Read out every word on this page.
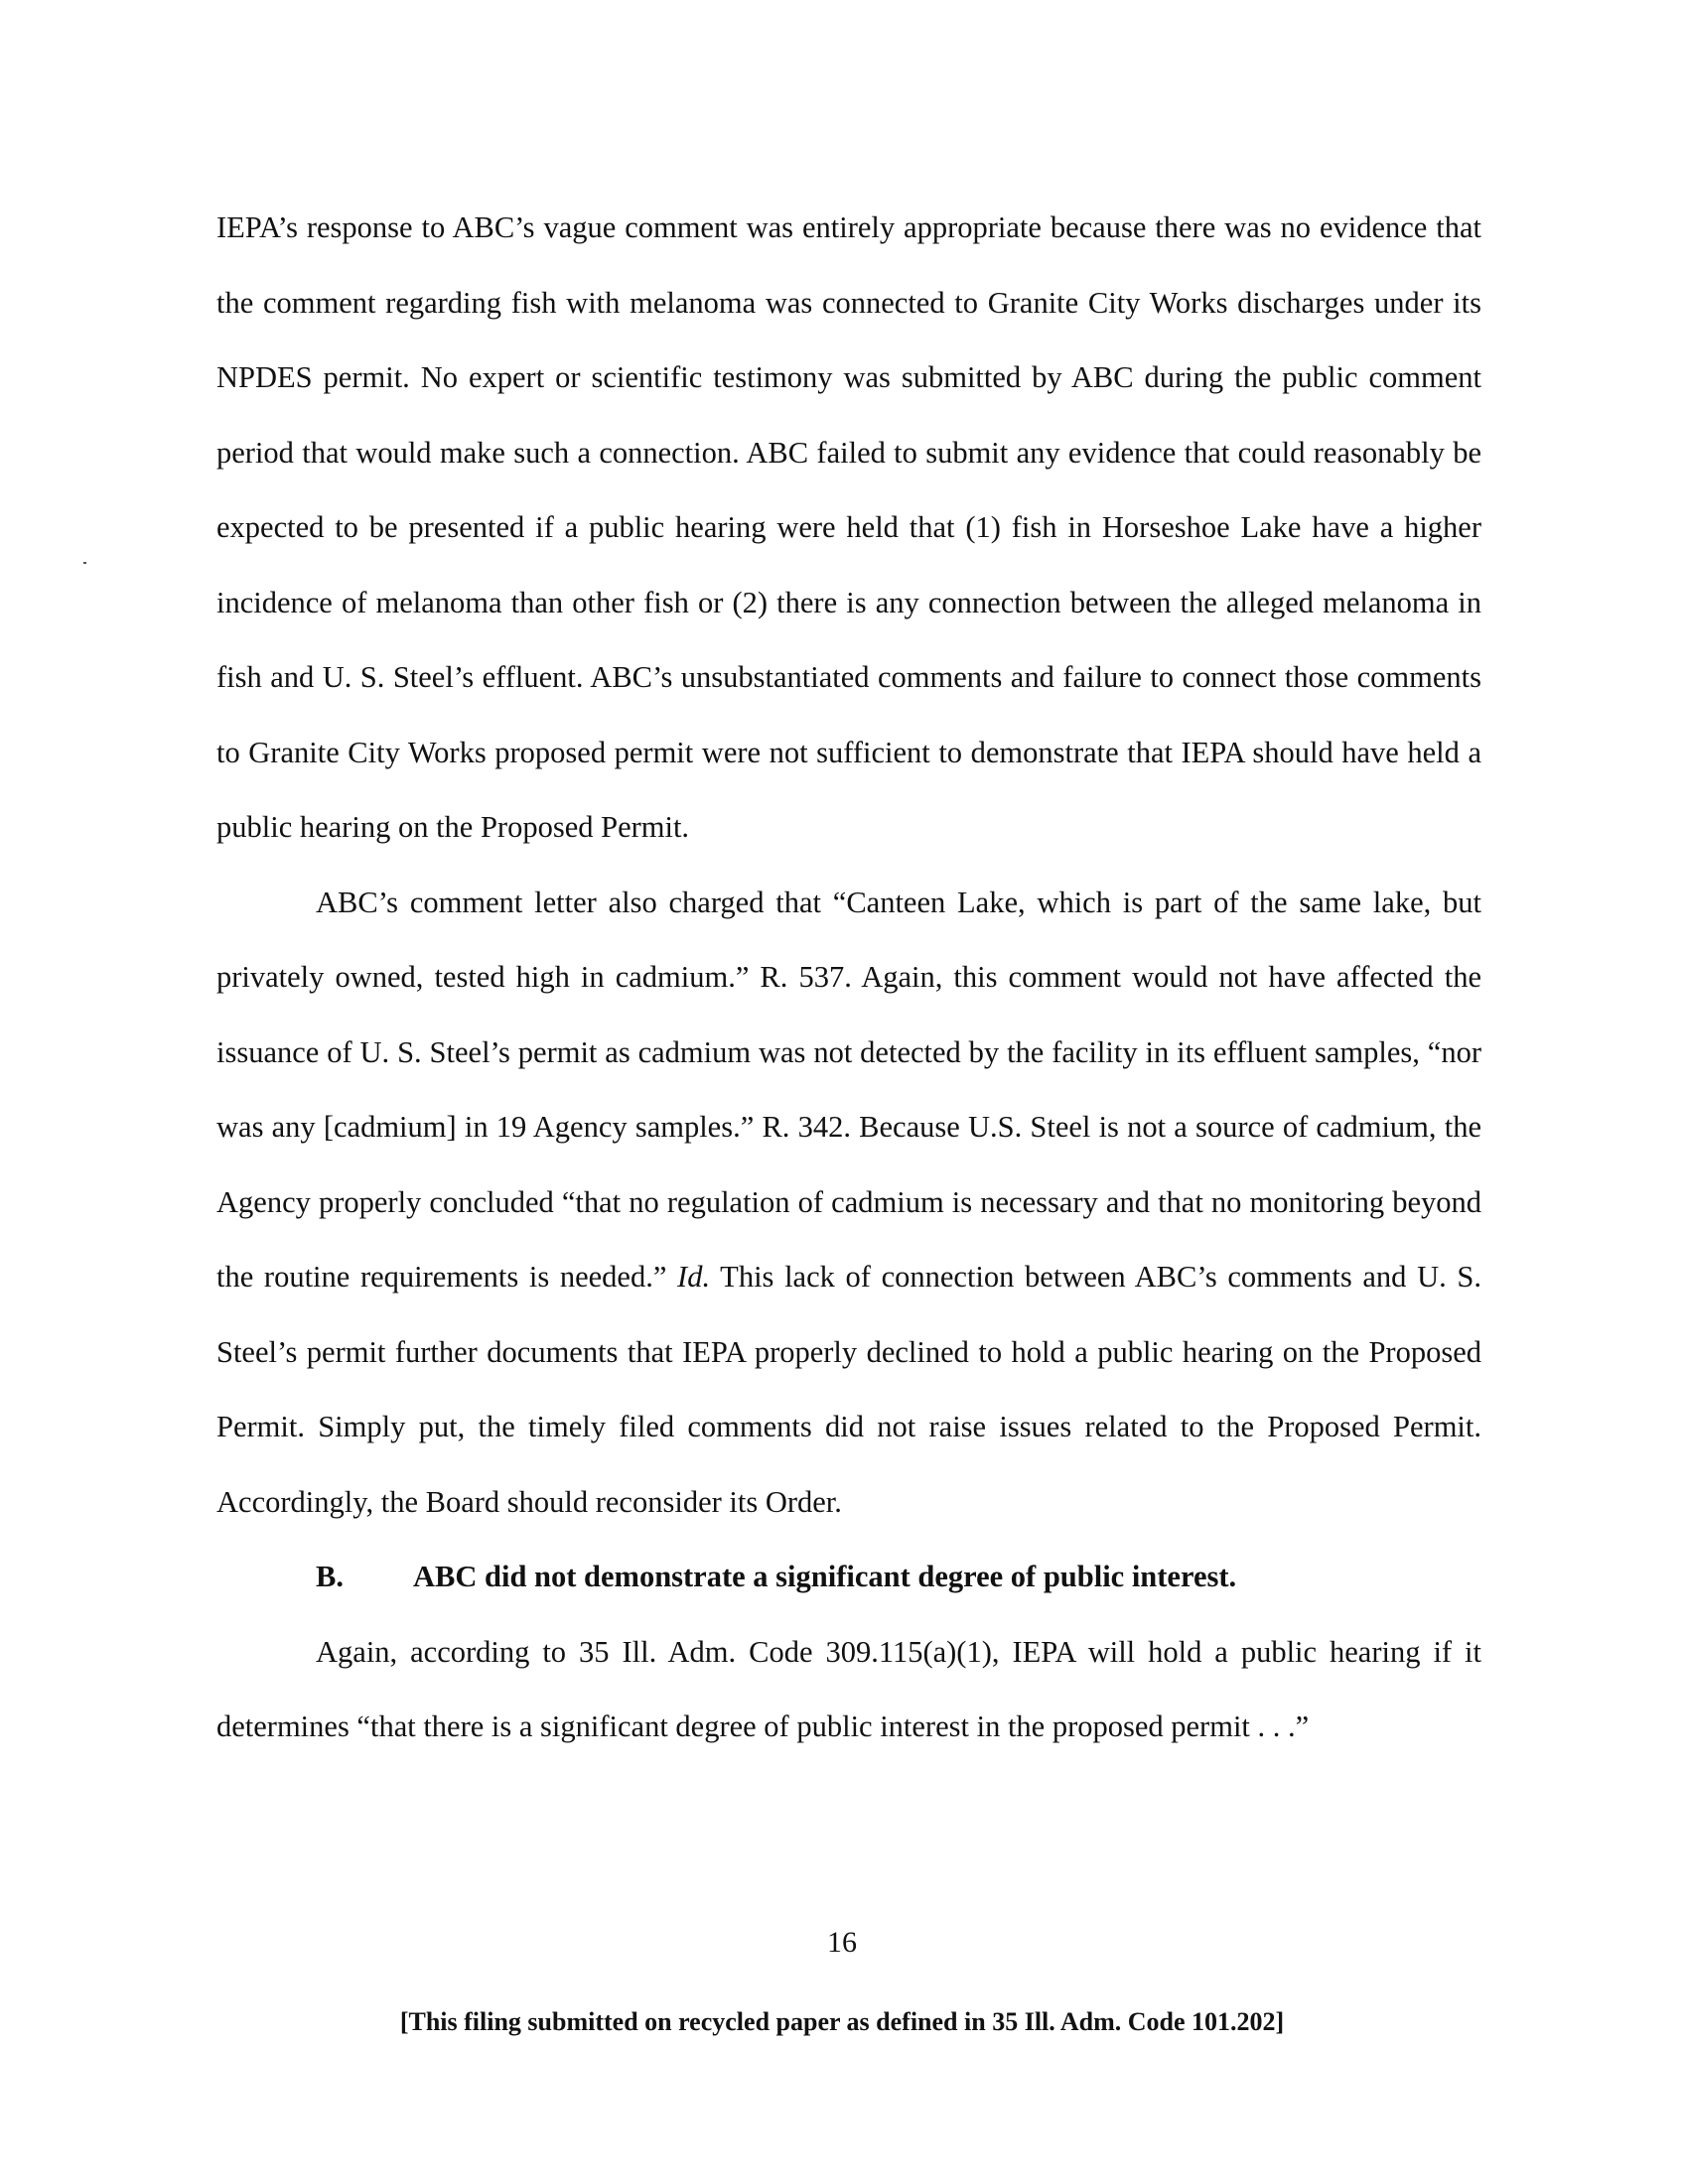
IEPA’s response to ABC’s vague comment was entirely appropriate because there was no evidence that the comment regarding fish with melanoma was connected to Granite City Works discharges under its NPDES permit. No expert or scientific testimony was submitted by ABC during the public comment period that would make such a connection. ABC failed to submit any evidence that could reasonably be expected to be presented if a public hearing were held that (1) fish in Horseshoe Lake have a higher incidence of melanoma than other fish or (2) there is any connection between the alleged melanoma in fish and U. S. Steel’s effluent. ABC’s unsubstantiated comments and failure to connect those comments to Granite City Works proposed permit were not sufficient to demonstrate that IEPA should have held a public hearing on the Proposed Permit.

ABC’s comment letter also charged that “Canteen Lake, which is part of the same lake, but privately owned, tested high in cadmium.” R. 537. Again, this comment would not have affected the issuance of U. S. Steel’s permit as cadmium was not detected by the facility in its effluent samples, “nor was any [cadmium] in 19 Agency samples.” R. 342. Because U.S. Steel is not a source of cadmium, the Agency properly concluded “that no regulation of cadmium is necessary and that no monitoring beyond the routine requirements is needed.” Id. This lack of connection between ABC’s comments and U. S. Steel’s permit further documents that IEPA properly declined to hold a public hearing on the Proposed Permit. Simply put, the timely filed comments did not raise issues related to the Proposed Permit. Accordingly, the Board should reconsider its Order.

B. ABC did not demonstrate a significant degree of public interest.

Again, according to 35 Ill. Adm. Code 309.115(a)(1), IEPA will hold a public hearing if it determines “that there is a significant degree of public interest in the proposed permit . . .”

16
[This filing submitted on recycled paper as defined in 35 Ill. Adm. Code 101.202]
